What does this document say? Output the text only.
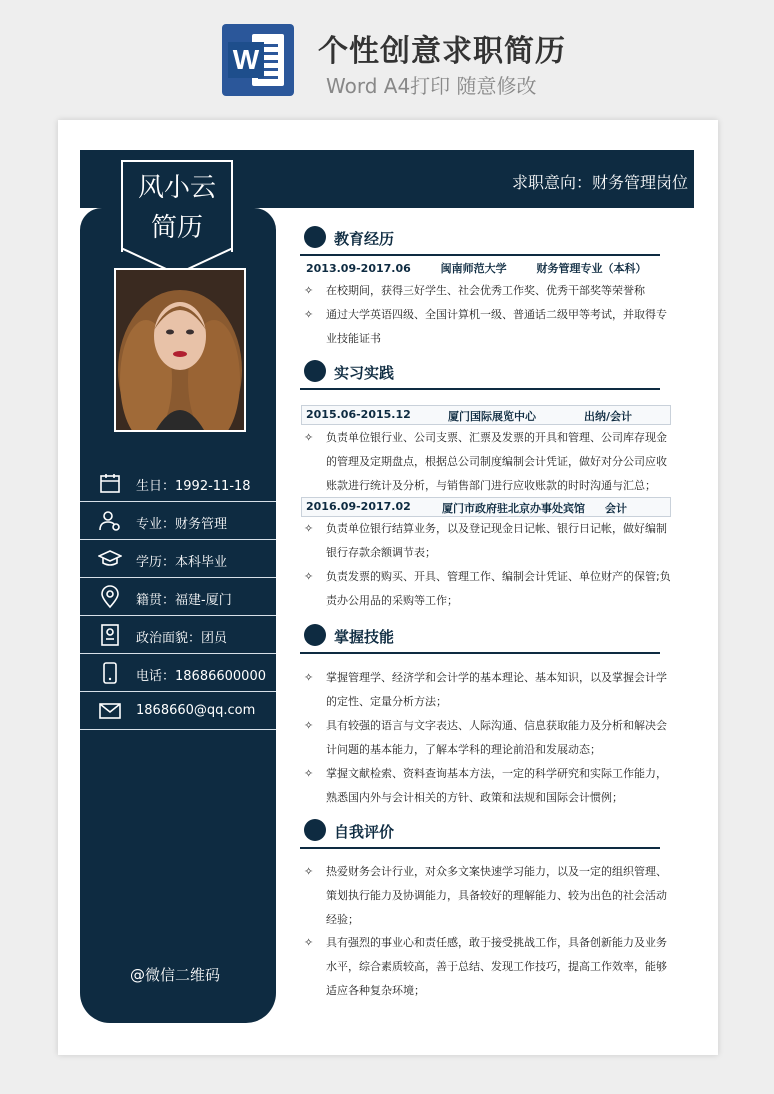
W 个性创意求职简历
Word A4打印 随意修改
求职意向：财务管理岗位
风小云
简历
生日：1992-11-18
专业：财务管理
学历：本科毕业
籍贯：福建-厦门
政治面貌：团员
电话：18686600000
1868660@qq.com
@微信二维码
教育经历
2013.09-2017.06	闽南师范大学	财务管理专业（本科）
✧ 在校期间，获得三好学生、社会优秀工作奖、优秀干部奖等荣誉称
✧ 通过大学英语四级、全国计算机一级、普通话二级甲等考试，并取得专业技能证书
实习实践
2015.06-2015.12	厦门国际展览中心	出纳/会计
✧ 负责单位银行业、公司支票、汇票及发票的开具和管理、公司库存现金的管理及定期盘点，根据总公司制度编制会计凭证，做好对分公司应收账款进行统计及分析，与销售部门进行应收账款的时时沟通与汇总；
2016.09-2017.02	厦门市政府驻北京办事处宾馆 会计
✧ 负责单位银行结算业务，以及登记现金日记帐、银行日记帐，做好编制银行存款余额调节表；
✧ 负责发票的购买、开具、管理工作、编制会计凭证、单位财产的保管;负责办公用品的采购等工作；
掌握技能
✧ 掌握管理学、经济学和会计学的基本理论、基本知识，以及掌握会计学的定性、定量分析方法；
✧ 具有较强的语言与文字表达、人际沟通、信息获取能力及分析和解决会计问题的基本能力，了解本学科的理论前沿和发展动态；
✧ 掌握文献检索、资料查询基本方法，一定的科学研究和实际工作能力，熟悉国内外与会计相关的方针、政策和法规和国际会计惯例；
自我评价
✧ 热爱财务会计行业，对众多文案快速学习能力，以及一定的组织管理、策划执行能力及协调能力，具备较好的理解能力、较为出色的社会活动经验；
✧ 具有强烈的事业心和责任感，敢于接受挑战工作，具备创新能力及业务水平，综合素质较高，善于总结、发现工作技巧，提高工作效率，能够适应各种复杂环境；
